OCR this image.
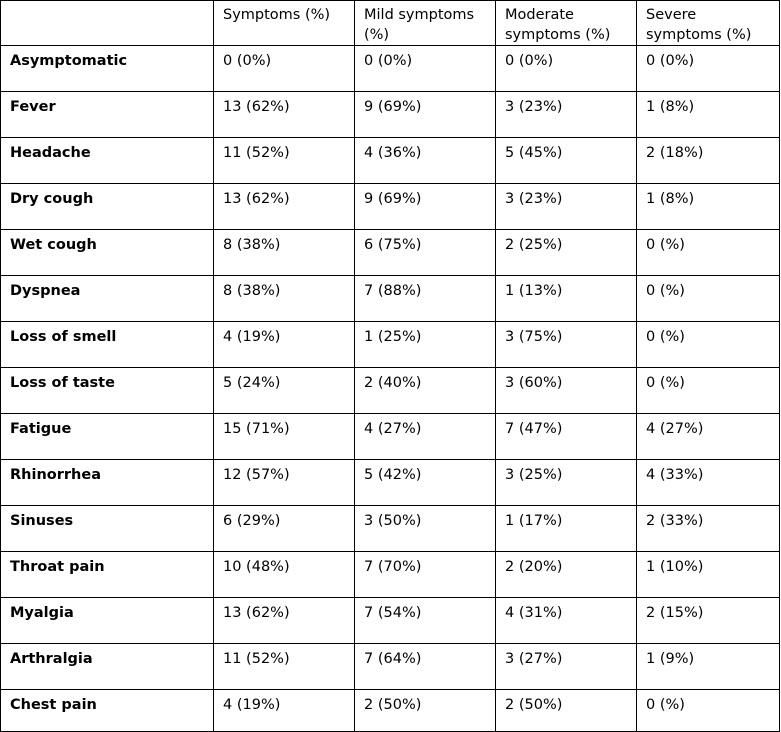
	Symptoms (%)	Mild symptoms (%)	Moderate symptoms (%)	Severe symptoms (%)
Asymptomatic	0 (0%)	0 (0%)	0 (0%)	0 (0%)
Fever	13 (62%)	9 (69%)	3 (23%)	1 (8%)
Headache	11 (52%)	4 (36%)	5 (45%)	2 (18%)
Dry cough	13 (62%)	9 (69%)	3 (23%)	1 (8%)
Wet cough	8 (38%)	6 (75%)	2 (25%)	0 (%)
Dyspnea	8 (38%)	7 (88%)	1 (13%)	0 (%)
Loss of smell	4 (19%)	1 (25%)	3 (75%)	0 (%)
Loss of taste	5 (24%)	2 (40%)	3 (60%)	0 (%)
Fatigue	15 (71%)	4 (27%)	7 (47%)	4 (27%)
Rhinorrhea	12 (57%)	5 (42%)	3 (25%)	4 (33%)
Sinuses	6 (29%)	3 (50%)	1 (17%)	2 (33%)
Throat pain	10 (48%)	7 (70%)	2 (20%)	1 (10%)
Myalgia	13 (62%)	7 (54%)	4 (31%)	2 (15%)
Arthralgia	11 (52%)	7 (64%)	3 (27%)	1 (9%)
Chest pain	4 (19%)	2 (50%)	2 (50%)	0 (%)
